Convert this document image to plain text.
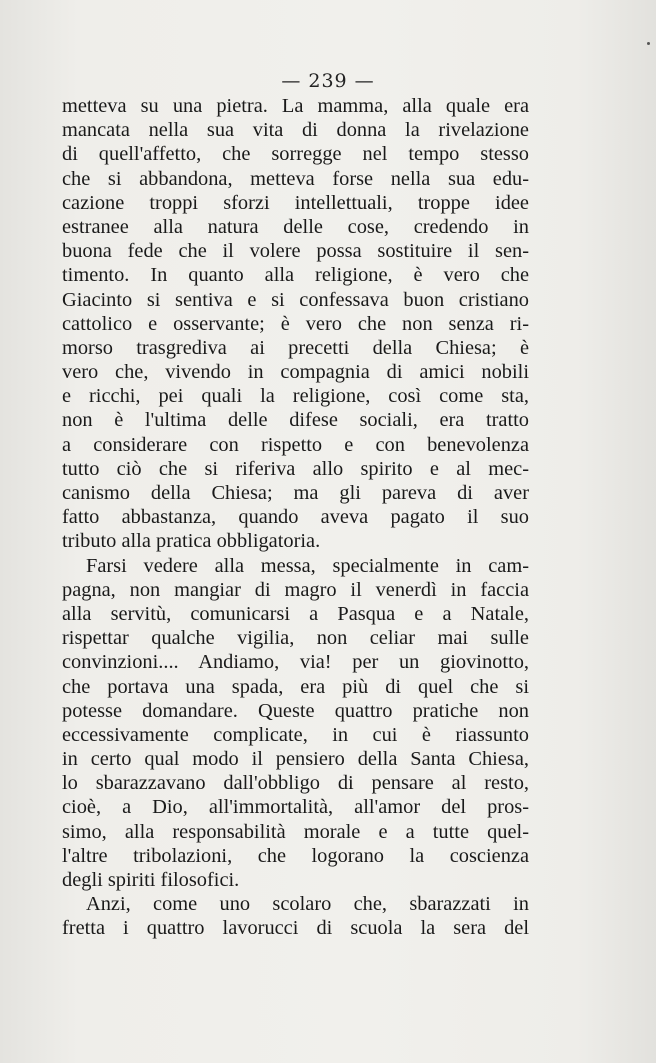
— 239 —
metteva su una pietra. La mamma, alla quale era
mancata nella sua vita di donna la rivelazione
di quell'affetto, che sorregge nel tempo stesso
che si abbandona, metteva forse nella sua edu-
cazione troppi sforzi intellettuali, troppe idee
estranee alla natura delle cose, credendo in
buona fede che il volere possa sostituire il sen-
timento. In quanto alla religione, è vero che
Giacinto si sentiva e si confessava buon cristiano
cattolico e osservante; è vero che non senza ri-
morso trasgrediva ai precetti della Chiesa; è
vero che, vivendo in compagnia di amici nobili
e ricchi, pei quali la religione, così come sta,
non è l'ultima delle difese sociali, era tratto
a considerare con rispetto e con benevolenza
tutto ciò che si riferiva allo spirito e al mec-
canismo della Chiesa; ma gli pareva di aver
fatto abbastanza, quando aveva pagato il suo
tributo alla pratica obbligatoria.
Farsi vedere alla messa, specialmente in cam-
pagna, non mangiar di magro il venerdì in faccia
alla servitù, comunicarsi a Pasqua e a Natale,
rispettar qualche vigilia, non celiar mai sulle
convinzioni.... Andiamo, via! per un giovinotto,
che portava una spada, era più di quel che si
potesse domandare. Queste quattro pratiche non
eccessivamente complicate, in cui è riassunto
in certo qual modo il pensiero della Santa Chiesa,
lo sbarazzavano dall'obbligo di pensare al resto,
cioè, a Dio, all'immortalità, all'amor del pros-
simo, alla responsabilità morale e a tutte quel-
l'altre tribolazioni, che logorano la coscienza
degli spiriti filosofici.
Anzi, come uno scolaro che, sbarazzati in
fretta i quattro lavorucci di scuola la sera del
